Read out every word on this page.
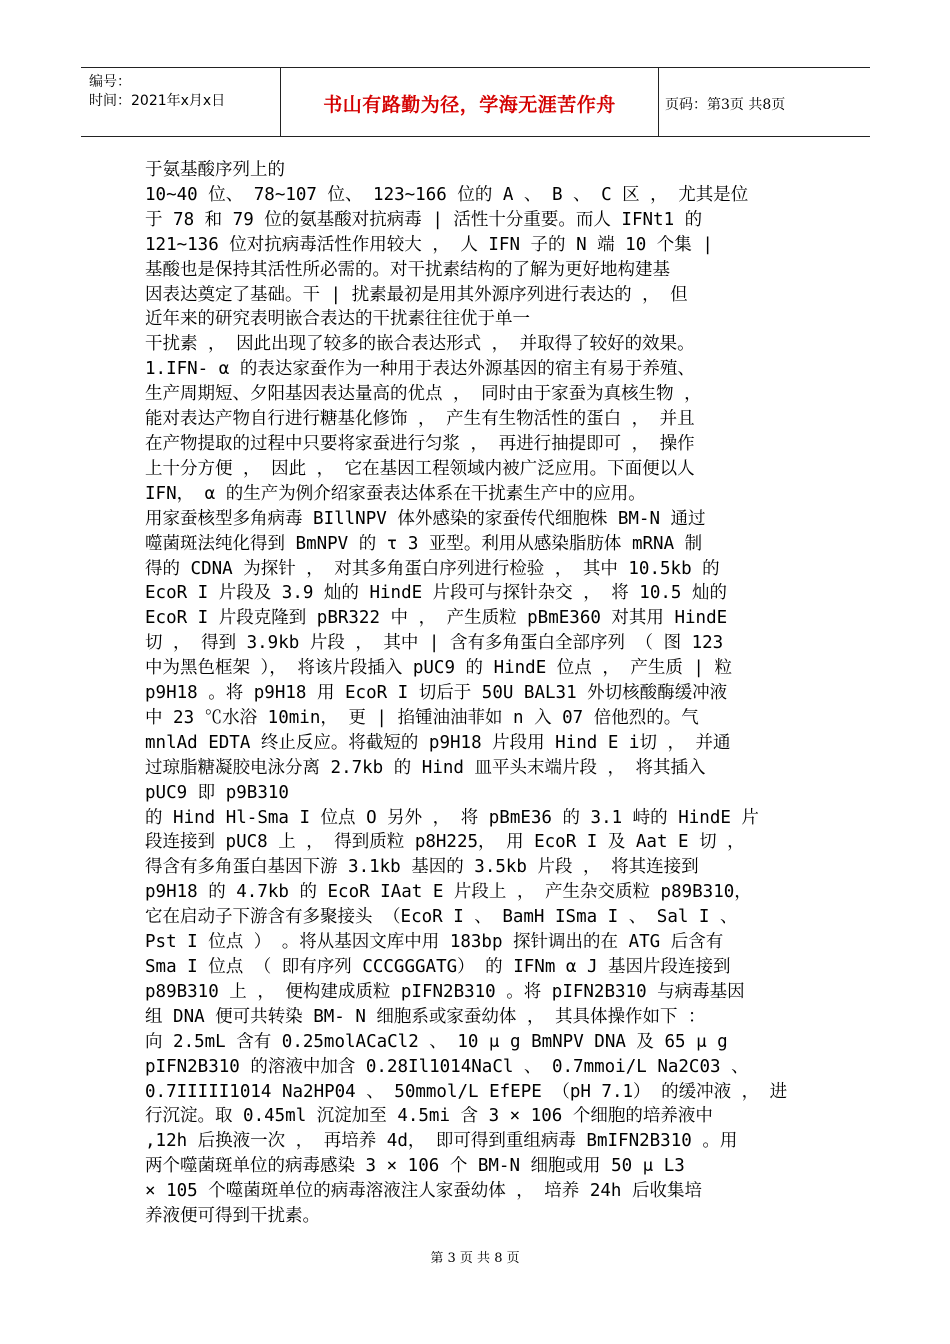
编号：
时间：2021年x月x日	书山有路勤为径，学海无涯苦作舟	页码：第3页 共8页

于氨基酸序列上的

10~40 位、 78~107 位、 123~166 位的 A 、 B 、 C 区 ， 尤其是位

于 78 和 79 位的氨基酸对抗病毒 | 活性十分重要。而人 IFNt1 的

121~136 位对抗病毒活性作用较大 ， 人 IFN 子的 N 端 10 个集 |

基酸也是保持其活性所必需的。对干扰素结构的了解为更好地构建基

因表达奠定了基础。干 | 扰素最初是用其外源序列进行表达的 ， 但

近年来的研究表明嵌合表达的干扰素往往优于单一

干扰素 ， 因此出现了较多的嵌合表达形式 ， 并取得了较好的效果。

1.IFN- α 的表达家蚕作为一种用于表达外源基因的宿主有易于养殖、

生产周期短、夕阳基因表达量高的优点 ， 同时由于家蚕为真核生物 ，

能对表达产物自行进行糖基化修饰 ， 产生有生物活性的蛋白 ， 并且

在产物提取的过程中只要将家蚕进行匀浆 ， 再进行抽提即可 ， 操作

上十分方便 ， 因此 ， 它在基因工程领域内被广泛应用。下面便以人

IFN， α 的生产为例介绍家蚕表达体系在干扰素生产中的应用。

用家蚕核型多角病毒 BIllNPV 体外感染的家蚕传代细胞株 BM-N 通过

噬菌斑法纯化得到 BmNPV 的 τ 3 亚型。利用从感染脂肪体 mRNA 制

得的 CDNA 为探针 ， 对其多角蛋白序列进行检验 ， 其中 10.5kb 的

EcoR I 片段及 3.9 灿的 HindE 片段可与探针杂交 ， 将 10.5 灿的

EcoR I 片段克隆到 pBR322 中 ， 产生质粒 pBmE360 对其用 HindE

切 ， 得到 3.9kb 片段 ， 其中 | 含有多角蛋白全部序列 （ 图 123

中为黑色框架 ）， 将该片段插入 pUC9 的 HindE 位点 ， 产生质 | 粒

p9H18 。将 p9H18 用 EcoR I 切后于 50U BAL31 外切核酸酶缓冲液

中 23 ℃水浴 10min， 更 | 掐锺油油菲如 n 入 07 倍他烈的。气

mnlAd EDTA 终止反应。将截短的 p9H18 片段用 Hind E i切 ， 并通

过琼脂糖凝胶电泳分离 2.7kb 的 Hind 皿平头末端片段 ， 将其插入

pUC9 即 p9B310

的 Hind Hl-Sma I 位点 O 另外 ， 将 pBmE36 的 3.1 峙的 HindE 片

段连接到 pUC8 上 ， 得到质粒 p8H225， 用 EcoR I 及 Aat E 切 ，

得含有多角蛋白基因下游 3.1kb 基因的 3.5kb 片段 ， 将其连接到

p9H18 的 4.7kb 的 EcoR IAat E 片段上 ， 产生杂交质粒 p89B310，

它在启动子下游含有多聚接头 （EcoR I 、 BamH ISma I 、 Sal I 、

Pst I 位点 ） 。将从基因文库中用 183bp 探针调出的在 ATG 后含有

Sma I 位点 （ 即有序列 CCCGGGATG） 的 IFNm α J 基因片段连接到

p89B310 上 ， 便构建成质粒 pIFN2B310 。将 pIFN2B310 与病毒基因

组 DNA 便可共转染 BM- N 细胞系或家蚕幼体 ， 其具体操作如下 ：

向 2.5mL 含有 0.25molACaCl2 、 10 μ g BmNPV DNA 及 65 μ g

pIFN2B310 的溶液中加含 0.28Il1014NaCl 、 0.7mmoi/L Na2C03 、

0.7IIIII1014 Na2HP04 、 50mmol/L EfEPE （pH 7.1） 的缓冲液 ， 进

行沉淀。取 0.45ml 沉淀加至 4.5mi 含 3 × 106 个细胞的培养液中

,12h 后换液一次 ， 再培养 4d， 即可得到重组病毒 BmIFN2B310 。用

两个噬菌斑单位的病毒感染 3 × 106 个 BM-N 细胞或用 50 μ L3

× 105 个噬菌斑单位的病毒溶液注人家蚕幼体 ， 培养 24h 后收集培

养液便可得到干扰素。

第 3 页 共 8 页
